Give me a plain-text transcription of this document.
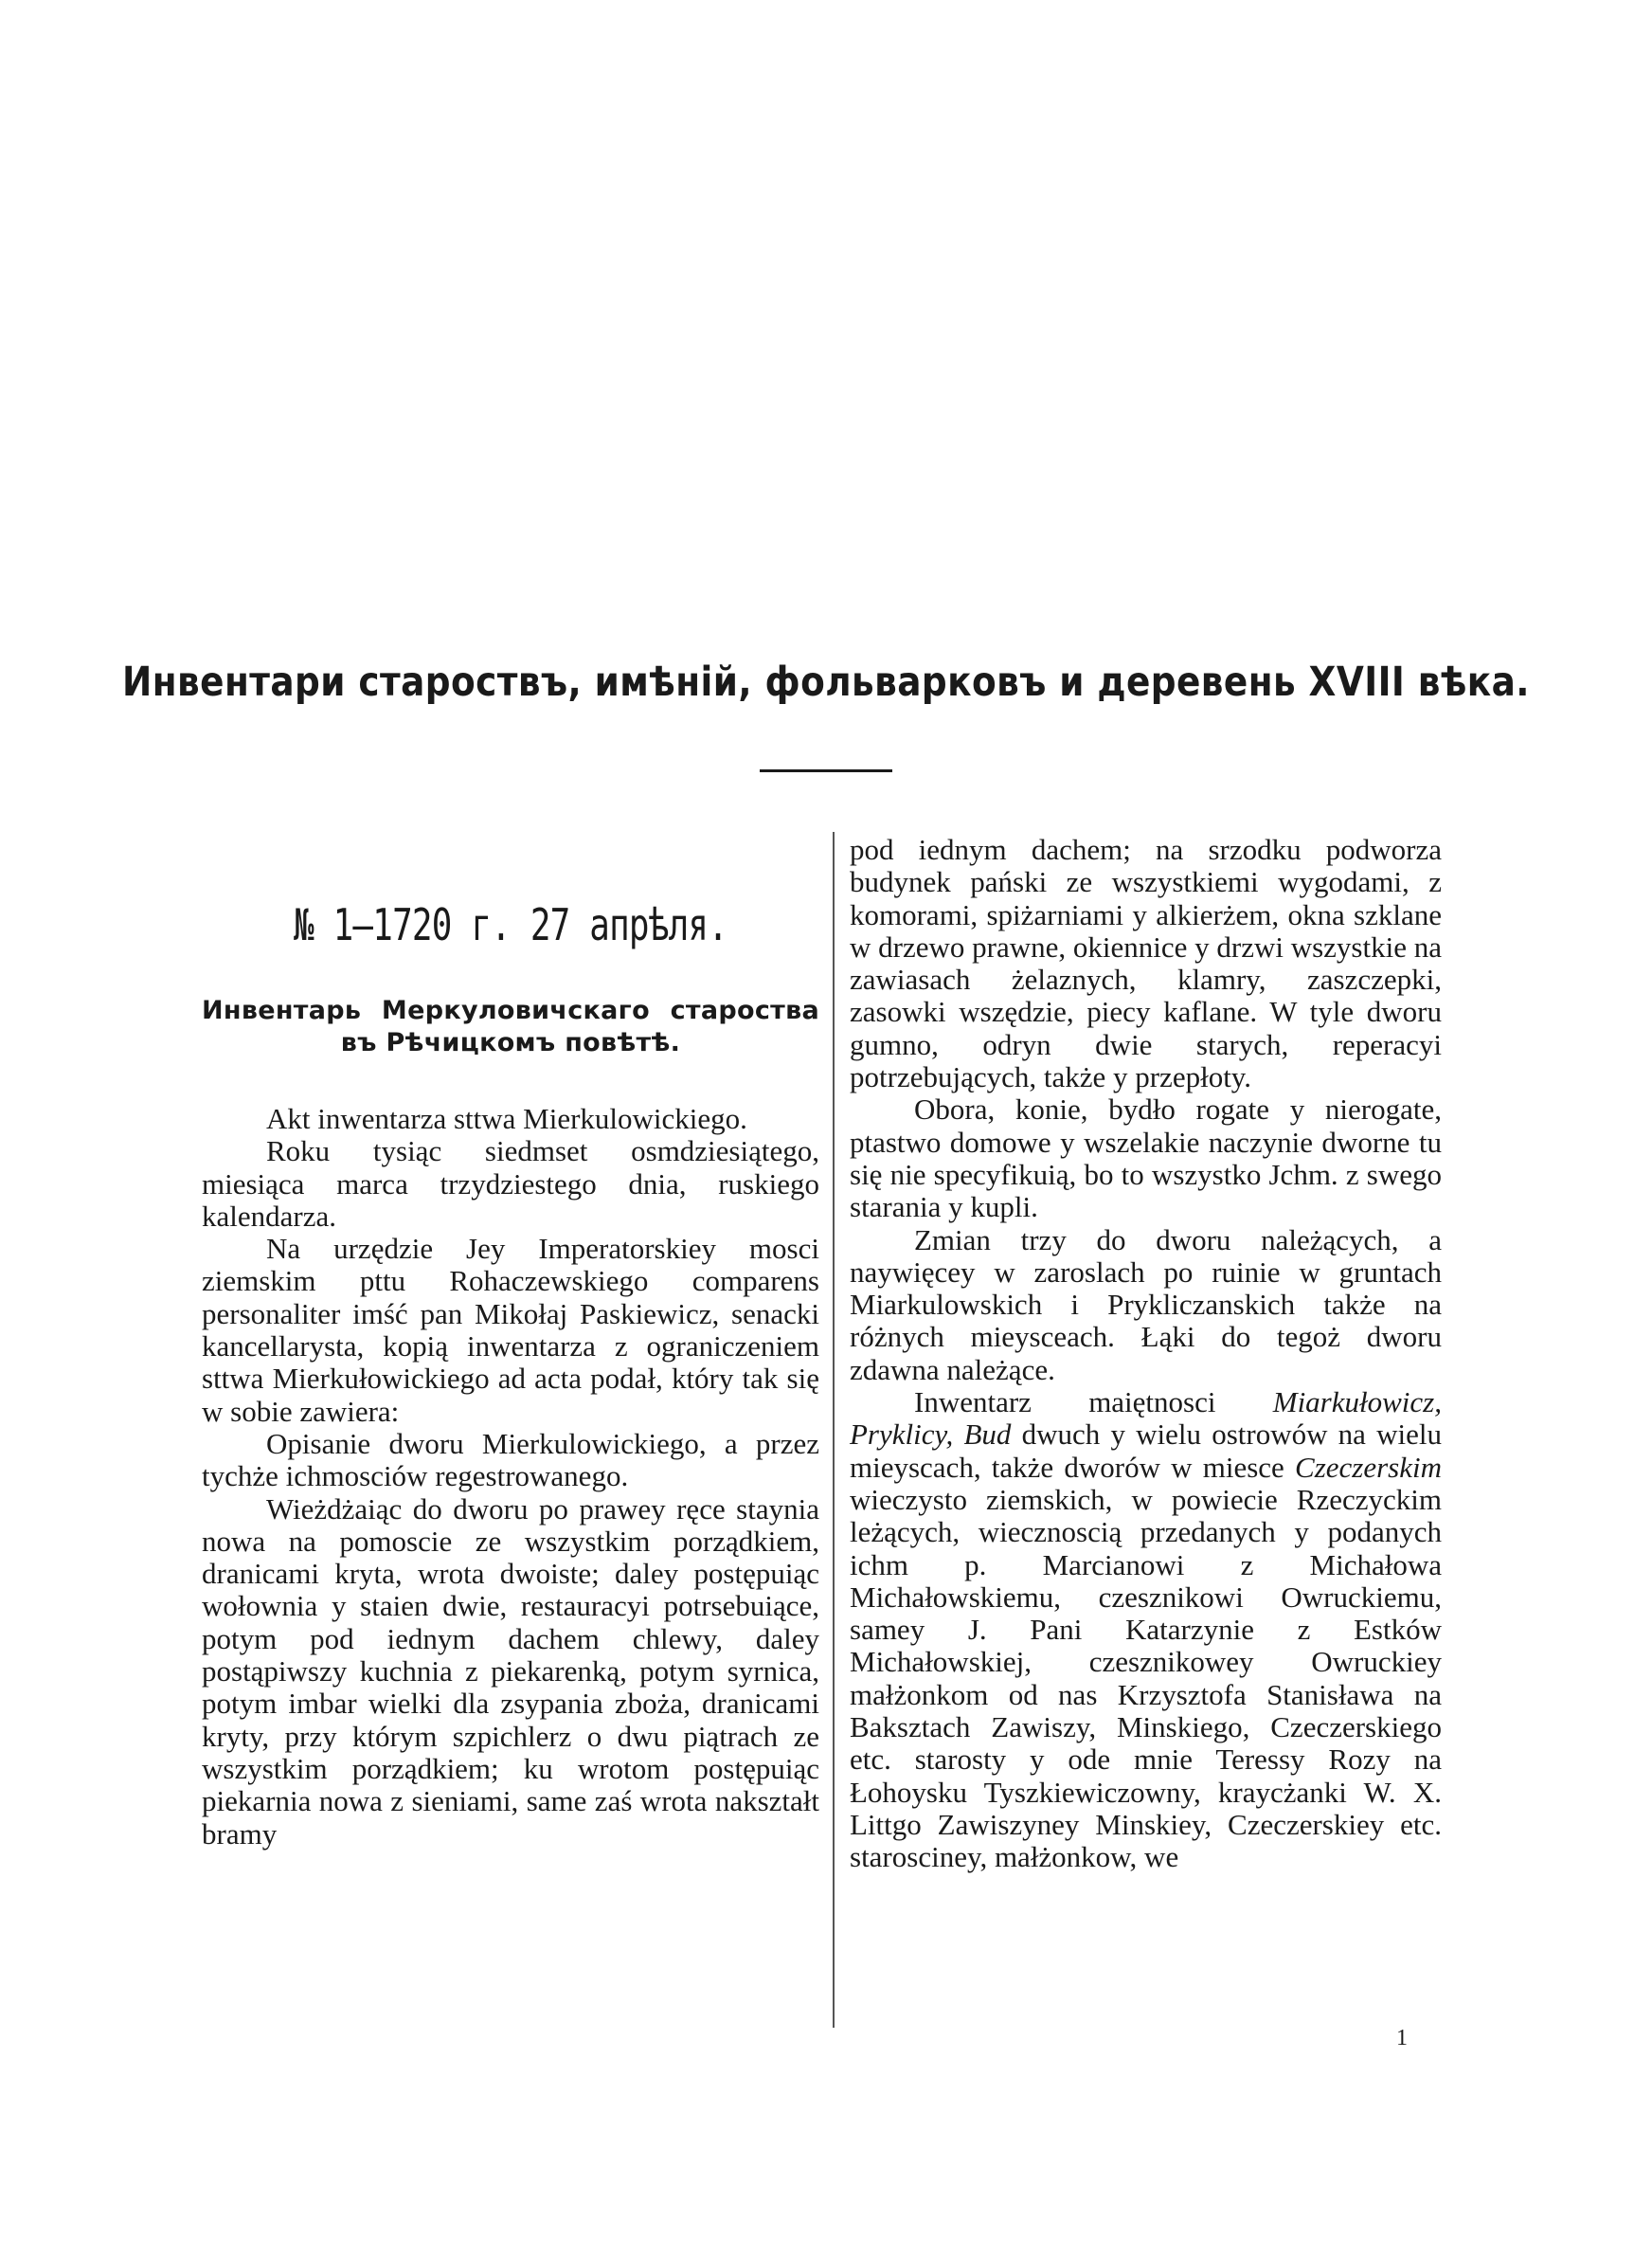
Инвентари староствъ, имѣній, фольварковъ и деревень XVIII вѣка.
№ 1—1720 г. 27 апрѣля.
Инвентарь Меркуловичскаго староства въ Рѣчицкомъ повѣтѣ.

Akt inwentarza sttwa Mierkulowickiego.

Roku tysiąc siedmset osmdziesiątego, miesiąca marca trzydziestego dnia, ruskiego kalendarza.

Na urzędzie Jey Imperatorskiey mosci ziemskim pttu Rohaczewskiego comparens personaliter imść pan Mikołaj Paskiewicz, senacki kancellarysta, kopią inwentarza z ograniczeniem sttwa Mierkułowickiego ad acta podał, który tak się w sobie zawiera:

Opisanie dworu Mierkulowickiego, a przez tychże ichmosciów regestrowanego.

Wieżdżaiąc do dworu po prawey ręce staynia nowa na pomoscie ze wszystkim porządkiem, dranicami kryta, wrota dwoiste; daley postępuiąc wołownia y staien dwie, restauracyi potrsebuiące, potym pod iednym dachem chlewy, daley postąpiwszy kuchnia z piekarenką, potym syrnica, potym imbar wielki dla zsypania zboża, dranicami kryty, przy którym szpichlerz o dwu piątrach ze wszystkim porządkiem; ku wrotom postępuiąc piekarnia nowa z sieniami, same zaś wrota nakształt bramy

pod iednym dachem; na srzodku podworza budynek pański ze wszystkiemi wygodami, z komorami, spiżarniami y alkierżem, okna szklane w drzewo prawne, okiennice y drzwi wszystkie na zawiasach żelaznych, klamry, zaszczepki, zasowki wszędzie, piecy kaflane. W tyle dworu gumno, odryn dwie starych, reperacyi potrzebujących, także y przepłoty.

Obora, konie, bydło rogate y nierogate, ptastwo domowe y wszelakie naczynie dworne tu się nie specyfikuią, bo to wszystko Jchm. z swego starania y kupli.

Zmian trzy do dworu należących, a naywięcey w zaroslach po ruinie w gruntach Miarkulowskich i Prykliczanskich także na różnych mieysceach. Łąki do tegoż dworu zdawna należące.

Inwentarz maiętnosci Miarkułowicz, Pryklicy, Bud dwuch y wielu ostrowów na wielu mieyscach, także dworów w miesce Czeczerskim wieczysto ziemskich, w powiecie Rzeczyckim leżących, wiecznoscią przedanych y podanych ichm p. Marcianowi z Michałowa Michałowskiemu, czesznikowi Owruckiemu, samey J. Pani Katarzynie z Estków Michałowskiej, czesznikowey Owruckiey małżonkom od nas Krzysztofa Stanisława na Baksztach Zawiszy, Minskiego, Czeczerskiego etc. starosty y ode mnie Teressy Rozy na Łohoysku Tyszkiewiczowny, kraycżanki W. X. Littgo Zawiszyney Minskiey, Czeczerskiey etc. staroscinеy, małżonkow, we

1
